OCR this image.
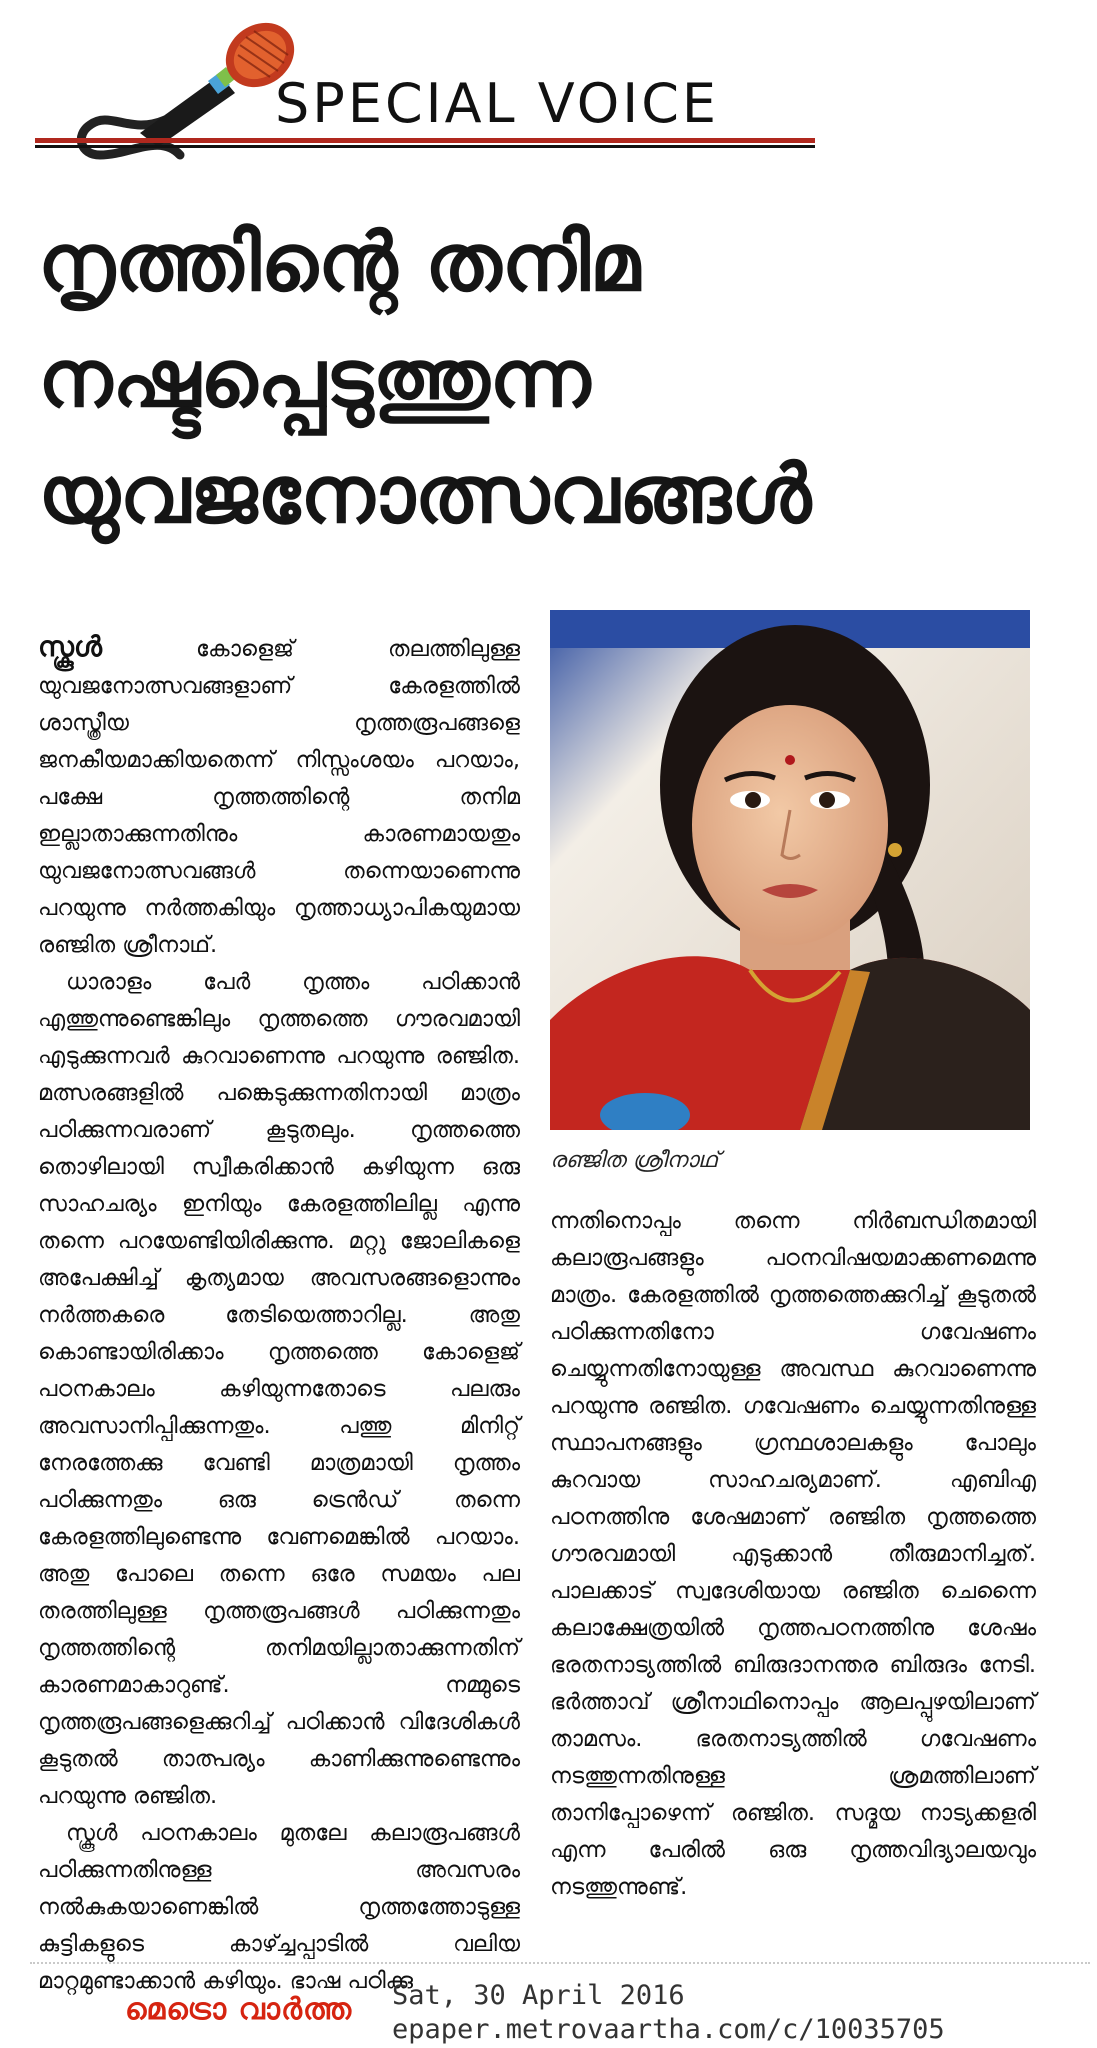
SPECIAL VOICE
നൃത്തിന്റെ തനിമ
നഷ്ടപ്പെടുത്തുന്ന
യുവജനോത്സവങ്ങൾ

സ്കൂൾ കോളെജ് തലത്തിലുള്ള യുവജനോത്സവങ്ങളാണ് കേരളത്തിൽ ശാസ്ത്രീയ നൃത്തരൂപങ്ങളെ ജനകീയമാക്കിയതെന്ന് നിസ്സംശയം പറയാം, പക്ഷേ നൃത്തത്തിന്റെ തനിമ ഇല്ലാതാക്കുന്നതിനും കാരണമായതും യുവജനോത്സവങ്ങൾ തന്നെയാണെന്നു പറയുന്നു നർത്തകിയും നൃത്താധ്യാപികയുമായ രഞ്ജിത ശ്രീനാഥ്.

ധാരാളം പേർ നൃത്തം പഠിക്കാൻ എത്തുന്നുണ്ടെങ്കിലും നൃത്തത്തെ ഗൗരവമായി എടുക്കുന്നവർ കുറവാണെന്നു പറയുന്നു രഞ്ജിത. മത്സരങ്ങളിൽ പങ്കെടുക്കുന്നതിനായി മാത്രം പഠിക്കുന്നവരാണ് കൂടുതലും. നൃത്തത്തെ തൊഴിലായി സ്വീകരിക്കാൻ കഴിയുന്ന ഒരു സാഹചര്യം ഇനിയും കേരളത്തിലില്ല എന്നു തന്നെ പറയേണ്ടിയിരിക്കുന്നു. മറ്റു ജോലികളെ അപേക്ഷിച്ച് കൃത്യമായ അവസരങ്ങളൊന്നും നർത്തകരെ തേടിയെത്താറില്ല. അതു കൊണ്ടായിരിക്കാം നൃത്തത്തെ കോളെജ് പഠനകാലം കഴിയുന്നതോടെ പലരും അവസാനിപ്പിക്കുന്നതും. പത്തു മിനിറ്റ് നേരത്തേക്കു വേണ്ടി മാത്രമായി നൃത്തം പഠിക്കുന്നതും ഒരു ട്രെൻഡ് തന്നെ കേരളത്തിലുണ്ടെന്നു വേണമെങ്കിൽ പറയാം. അതു പോലെ തന്നെ ഒരേ സമയം പല തരത്തിലുള്ള നൃത്തരൂപങ്ങൾ പഠിക്കുന്നതും നൃത്തത്തിന്റെ തനിമയില്ലാതാക്കുന്നതിന് കാരണമാകാറുണ്ട്. നമ്മുടെ നൃത്തരൂപങ്ങളെക്കുറിച്ച് പഠിക്കാൻ വിദേശികൾ കൂടുതൽ താത്പര്യം കാണിക്കുന്നുണ്ടെന്നും പറയുന്നു രഞ്ജിത.

സ്കൂൾ പഠനകാലം മുതലേ കലാരൂപങ്ങൾ പഠിക്കുന്നതിനുള്ള അവസരം നൽകുകയാണെങ്കിൽ നൃത്തത്തോടുള്ള കുട്ടികളുടെ കാഴ്ച്ചപ്പാടിൽ വലിയ മാറ്റമുണ്ടാക്കാൻ കഴിയും. ഭാഷ പഠിക്കു

രഞ്ജിത ശ്രീനാഥ്

ന്നതിനൊപ്പം തന്നെ നിർബന്ധിതമായി കലാരൂപങ്ങളും പഠനവിഷയമാക്കണമെന്നു മാത്രം. കേരളത്തിൽ നൃത്തത്തെക്കുറിച്ച് കൂടുതൽ പഠിക്കുന്നതിനോ ഗവേഷണം ചെയ്യുന്നതിനോയുള്ള അവസ്ഥ കുറവാണെന്നു പറയുന്നു രഞ്ജിത. ഗവേഷണം ചെയ്യുന്നതിനുള്ള സ്ഥാപനങ്ങളും ഗ്രന്ഥശാലകളും പോലും കുറവായ സാഹചര്യമാണ്. എബിഎ പഠനത്തിനു ശേഷമാണ് രഞ്ജിത നൃത്തത്തെ ഗൗരവമായി എടുക്കാൻ തീരുമാനിച്ചത്. പാലക്കാട് സ്വദേശിയായ രഞ്ജിത ചെന്നൈ കലാക്ഷേത്രയിൽ നൃത്തപഠനത്തിനു ശേഷം ഭരതനാട്യത്തിൽ ബിരുദാനന്തര ബിരുദം നേടി. ഭർത്താവ് ശ്രീനാഥിനൊപ്പം ആലപ്പുഴയിലാണ് താമസം. ഭരതനാട്യത്തിൽ ഗവേഷണം നടത്തുന്നതിനുള്ള ശ്രമത്തിലാണ് താനിപ്പോഴെന്ന് രഞ്ജിത. സദ്മയ നാട്യക്കളരി എന്ന പേരിൽ ഒരു നൃത്തവിദ്യാലയവും നടത്തുന്നുണ്ട്.

മെട്രൊ വാർത്ത Sat, 30 April 2016
epaper.metrovaartha.com/c/10035705
